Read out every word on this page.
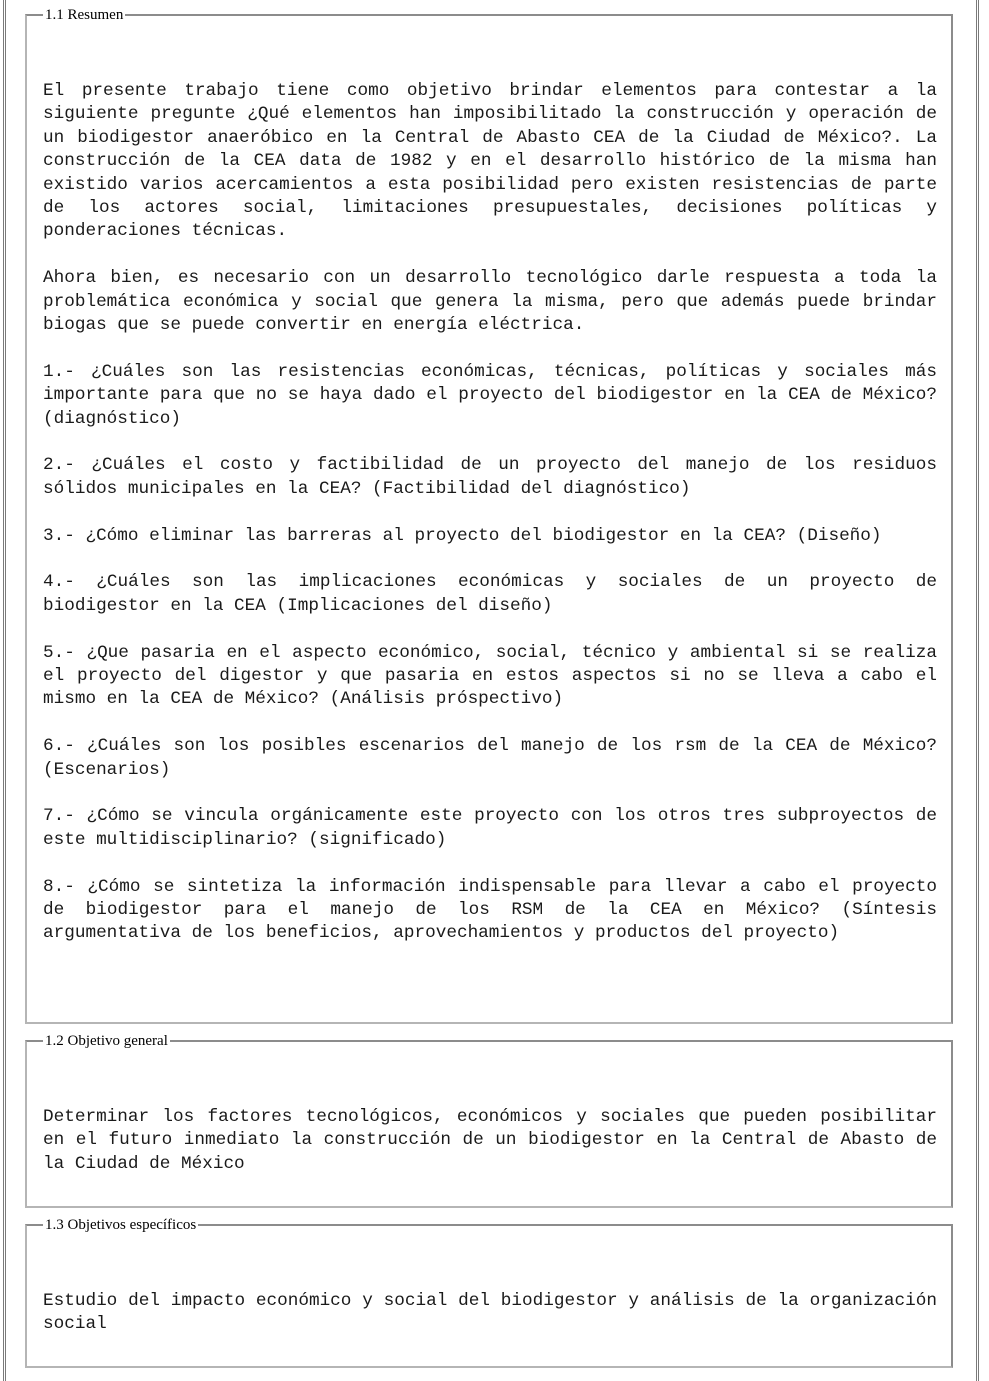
1.1 Resumen

El presente trabajo tiene como objetivo brindar elementos para contestar a la siguiente pregunte ¿Qué elementos han imposibilitado la construcción y operación de un biodigestor anaeróbico en la Central de Abasto CEA de la Ciudad de México?. La construcción de la CEA data de 1982 y en el desarrollo histórico de la misma han existido varios acercamientos a esta posibilidad pero existen resistencias de parte de los actores social, limitaciones presupuestales, decisiones políticas y ponderaciones técnicas.

Ahora bien, es necesario con un desarrollo tecnológico darle respuesta a toda la problemática económica y social que genera la misma, pero que además puede brindar biogas que se puede convertir en energía eléctrica.

1.- ¿Cuáles son las resistencias económicas, técnicas, políticas y sociales más importante para que no se haya dado el proyecto del biodigestor en la CEA de México? (diagnóstico)

2.- ¿Cuáles el costo y factibilidad de un proyecto del manejo de los residuos sólidos municipales en la CEA? (Factibilidad del diagnóstico)

3.- ¿Cómo eliminar las barreras al proyecto del biodigestor en la CEA? (Diseño)

4.- ¿Cuáles son las implicaciones económicas y sociales de un proyecto de biodigestor en la CEA (Implicaciones del diseño)

5.- ¿Que pasaria en el aspecto económico, social, técnico y ambiental si se realiza el proyecto del digestor y que pasaria en estos aspectos si no se lleva a cabo el mismo en la CEA de México? (Análisis próspectivo)

6.- ¿Cuáles son los posibles escenarios del manejo de los rsm de la CEA de México? (Escenarios)

7.- ¿Cómo se vincula orgánicamente este proyecto con los otros tres subproyectos de este multidisciplinario? (significado)

8.- ¿Cómo se sintetiza la información indispensable para llevar a cabo el proyecto de biodigestor para el manejo de los RSM de la CEA en México? (Síntesis argumentativa de los beneficios, aprovechamientos y productos del proyecto)

1.2 Objetivo general

Determinar los factores tecnológicos, económicos y sociales que pueden posibilitar en el futuro inmediato la construcción de un biodigestor en la Central de Abasto de la Ciudad de México

1.3 Objetivos específicos

Estudio del impacto económico y social del biodigestor y análisis de la organización social
